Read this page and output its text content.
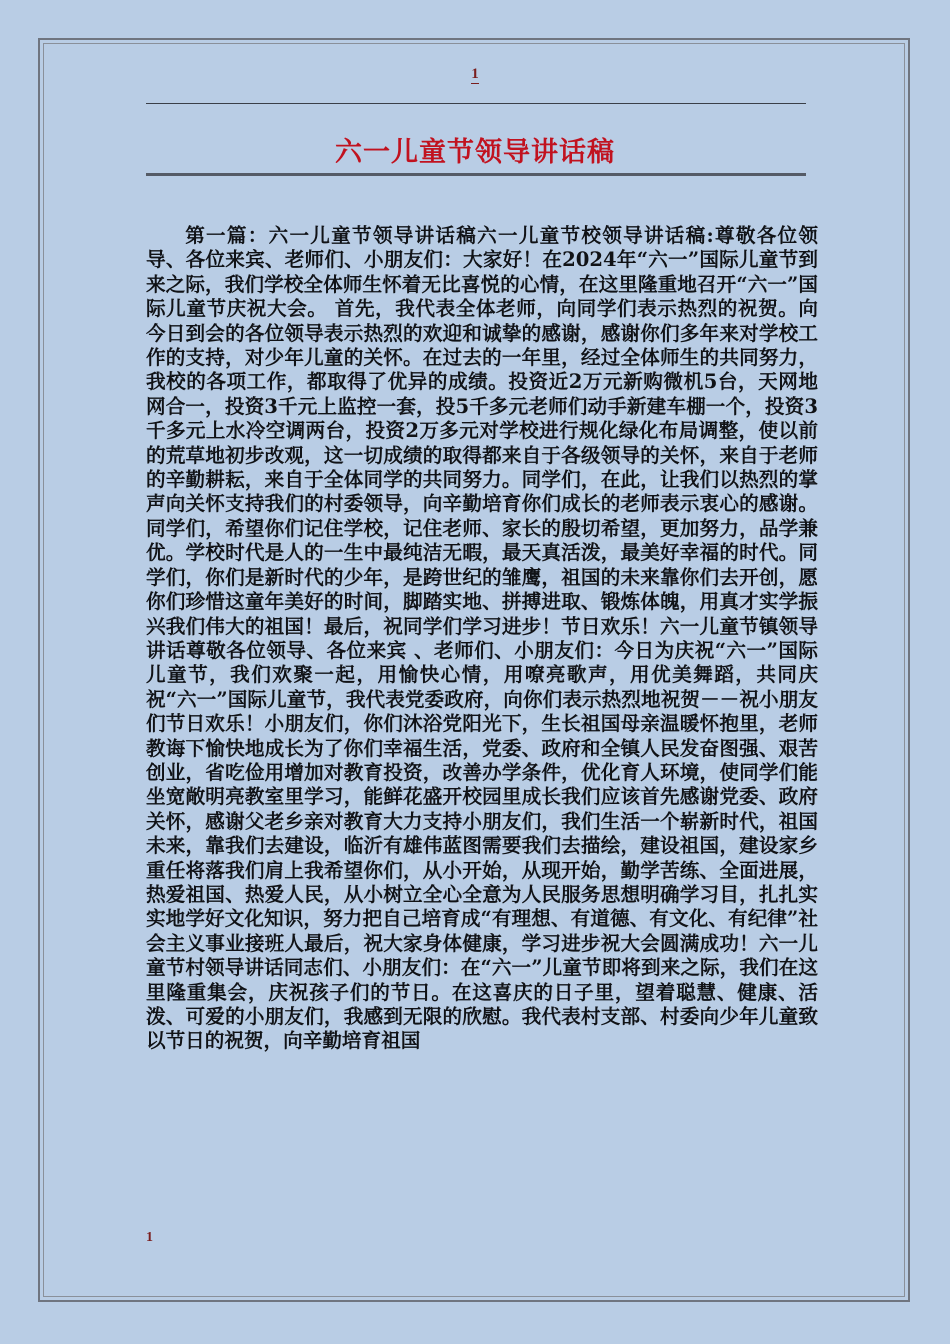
1
六一儿童节领导讲话稿

第一篇：六一儿童节领导讲话稿六一儿童节校领导讲话稿:尊敬各位领导、各位来宾、老师们、小朋友们：大家好！在2024年“六一”国际儿童节到来之际，我们学校全体师生怀着无比喜悦的心情，在这里隆重地召开“六一”国际儿童节庆祝大会。 首先，我代表全体老师，向同学们表示热烈的祝贺。向今日到会的各位领导表示热烈的欢迎和诚挚的感谢，感谢你们多年来对学校工作的支持，对少年儿童的关怀。在过去的一年里，经过全体师生的共同努力，我校的各项工作，都取得了优异的成绩。投资近2万元新购微机5台，天网地网合一，投资3千元上监控一套，投5千多元老师们动手新建车棚一个，投资3千多元上水冷空调两台，投资2万多元对学校进行规化绿化布局调整，使以前的荒草地初步改观，这一切成绩的取得都来自于各级领导的关怀，来自于老师的辛勤耕耘，来自于全体同学的共同努力。同学们，在此，让我们以热烈的掌声向关怀支持我们的村委领导，向辛勤培育你们成长的老师表示衷心的感谢。同学们，希望你们记住学校，记住老师、家长的殷切希望，更加努力，品学兼优。学校时代是人的一生中最纯洁无暇，最天真活泼，最美好幸福的时代。同学们，你们是新时代的少年，是跨世纪的雏鹰，祖国的未来靠你们去开创，愿你们珍惜这童年美好的时间，脚踏实地、拼搏进取、锻炼体魄，用真才实学振兴我们伟大的祖国！最后，祝同学们学习进步！节日欢乐！六一儿童节镇领导讲话尊敬各位领导、各位来宾 、老师们、小朋友们：今日为庆祝“六一”国际儿童节，我们欢聚一起，用愉快心情，用嘹亮歌声，用优美舞蹈，共同庆祝“六一”国际儿童节，我代表党委政府，向你们表示热烈地祝贺－－祝小朋友们节日欢乐！小朋友们，你们沐浴党阳光下，生长祖国母亲温暖怀抱里，老师教诲下愉快地成长为了你们幸福生活，党委、政府和全镇人民发奋图强、艰苦创业，省吃俭用增加对教育投资，改善办学条件，优化育人环境，使同学们能坐宽敞明亮教室里学习，能鲜花盛开校园里成长我们应该首先感谢党委、政府关怀，感谢父老乡亲对教育大力支持小朋友们，我们生活一个崭新时代，祖国未来，靠我们去建设，临沂有雄伟蓝图需要我们去描绘，建设祖国，建设家乡重任将落我们肩上我希望你们，从小开始，从现开始，勤学苦练、全面进展，热爱祖国、热爱人民，从小树立全心全意为人民服务思想明确学习目，扎扎实实地学好文化知识，努力把自己培育成“有理想、有道德、有文化、有纪律”社会主义事业接班人最后，祝大家身体健康，学习进步祝大会圆满成功！六一儿童节村领导讲话同志们、小朋友们：在“六一”儿童节即将到来之际，我们在这里隆重集会，庆祝孩子们的节日。在这喜庆的日子里，望着聪慧、健康、活泼、可爱的小朋友们，我感到无限的欣慰。我代表村支部、村委向少年儿童致以节日的祝贺，向辛勤培育祖国

1
